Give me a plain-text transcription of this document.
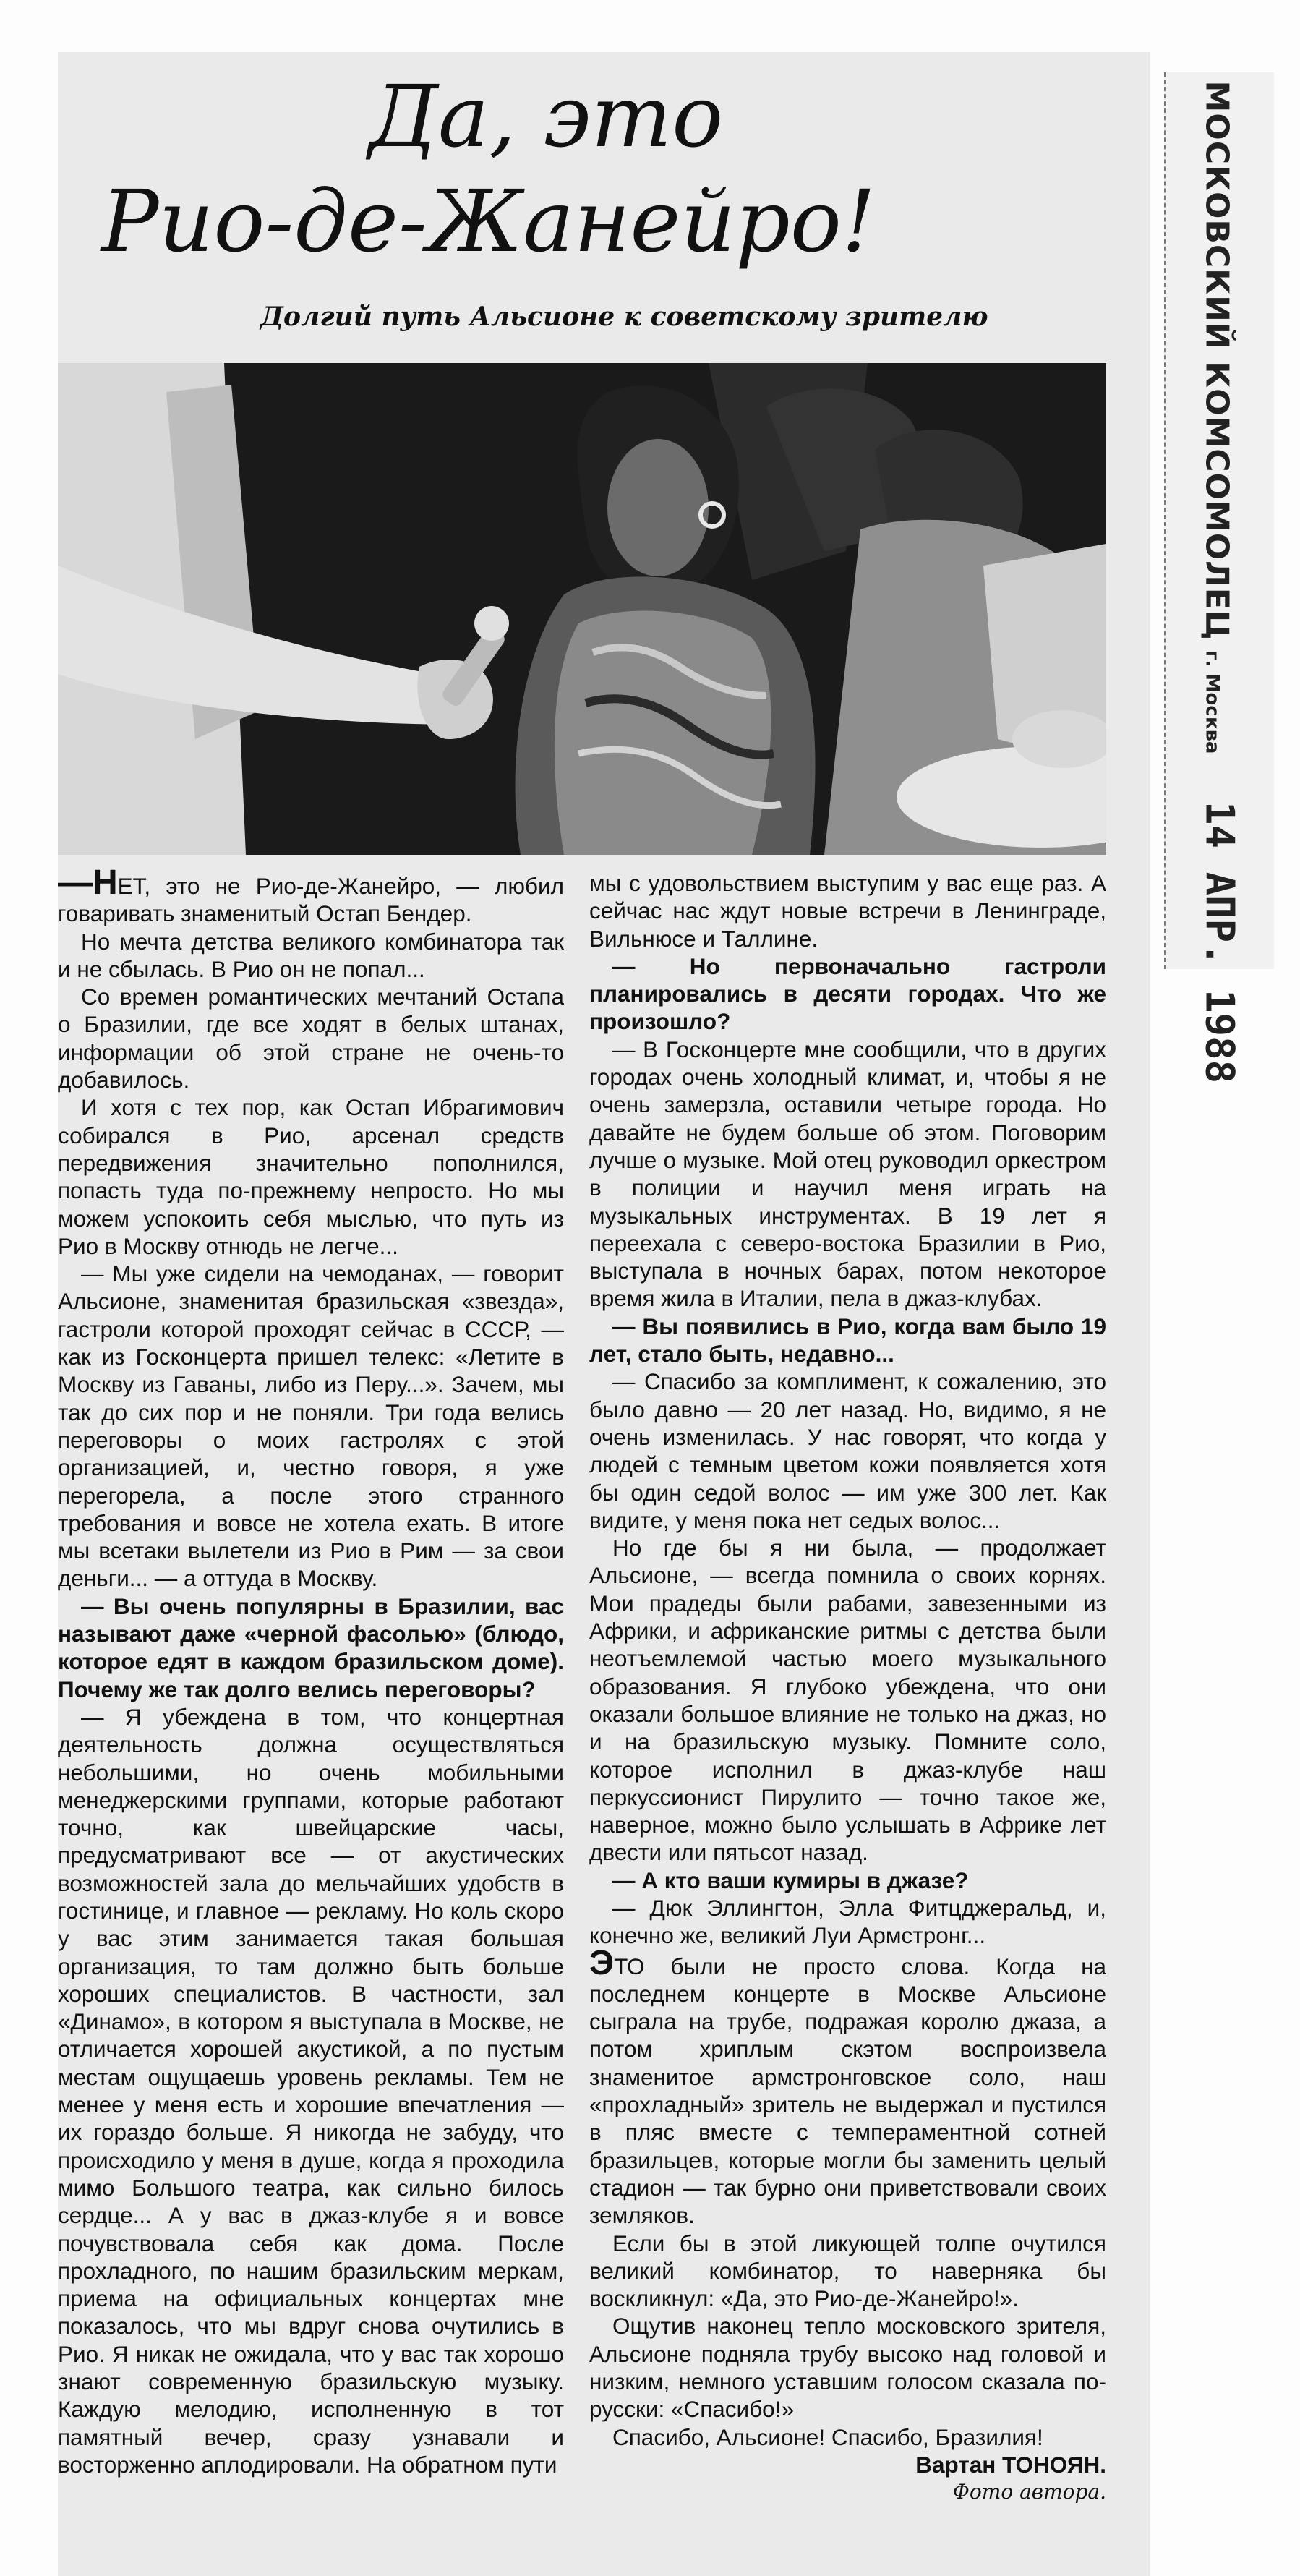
Да, это
Рио-де-Жанейро!
Долгий путь Альсионе к советскому зрителю

—НЕТ, это не Рио-де-Жанейро, — любил говаривать знаменитый Остап Бендер.

Но мечта детства великого комбинатора так и не сбылась. В Рио он не попал...

Со времен романтических мечтаний Остапа о Бразилии, где все ходят в белых штанах, информации об этой стране не очень-то добавилось.

И хотя с тех пор, как Остап Ибрагимович собирался в Рио, арсенал средств передвижения значительно пополнился, попасть туда по-прежнему непросто. Но мы можем успокоить себя мыслью, что путь из Рио в Москву отнюдь не легче...

— Мы уже сидели на чемоданах, — говорит Альсионе, знаменитая бразильская «звезда», гастроли которой проходят сейчас в СССР, — как из Госконцерта пришел телекс: «Летите в Москву из Гаваны, либо из Перу...». Зачем, мы так до сих пор и не поняли. Три года велись переговоры о моих гастролях с этой организацией, и, честно говоря, я уже перегорела, а после этого странного требования и вовсе не хотела ехать. В итоге мы всетаки вылетели из Рио в Рим — за свои деньги... — а оттуда в Москву.

— Вы очень популярны в Бразилии, вас называют даже «черной фасолью» (блюдо, которое едят в каждом бразильском доме). Почему же так долго велись переговоры?

— Я убеждена в том, что концертная деятельность должна осуществляться небольшими, но очень мобильными менеджерскими группами, которые работают точно, как швейцарские часы, предусматривают все — от акустических возможностей зала до мельчайших удобств в гостинице, и главное — рекламу. Но коль скоро у вас этим занимается такая большая организация, то там должно быть больше хороших специалистов. В частности, зал «Динамо», в котором я выступала в Москве, не отличается хорошей акустикой, а по пустым местам ощущаешь уровень рекламы. Тем не менее у меня есть и хорошие впечатления — их гораздо больше. Я никогда не забуду, что происходило у меня в душе, когда я проходила мимо Большого театра, как сильно билось сердце... А у вас в джаз-клубе я и вовсе почувствовала себя как дома. После прохладного, по нашим бразильским меркам, приема на официальных концертах мне показалось, что мы вдруг снова очутились в Рио. Я никак не ожидала, что у вас так хорошо знают современную бразильскую музыку. Каждую мелодию, исполненную в тот памятный вечер, сразу узнавали и восторженно аплодировали. На обратном пути

мы с удовольствием выступим у вас еще раз. А сейчас нас ждут новые встречи в Ленинграде, Вильнюсе и Таллине.

— Но первоначально гастроли планировались в десяти городах. Что же произошло?

— В Госконцерте мне сообщили, что в других городах очень холодный климат, и, чтобы я не очень замерзла, оставили четыре города. Но давайте не будем больше об этом. Поговорим лучше о музыке. Мой отец руководил оркестром в полиции и научил меня играть на музыкальных инструментах. В 19 лет я переехала с северо-востока Бразилии в Рио, выступала в ночных барах, потом некоторое время жила в Италии, пела в джаз-клубах.

— Вы появились в Рио, когда вам было 19 лет, стало быть, недавно...

— Спасибо за комплимент, к сожалению, это было давно — 20 лет назад. Но, видимо, я не очень изменилась. У нас говорят, что когда у людей с темным цветом кожи появляется хотя бы один седой волос — им уже 300 лет. Как видите, у меня пока нет седых волос...

Но где бы я ни была, — продолжает Альсионе, — всегда помнила о своих корнях. Мои прадеды были рабами, завезенными из Африки, и африканские ритмы с детства были неотъемлемой частью моего музыкального образования. Я глубоко убеждена, что они оказали большое влияние не только на джаз, но и на бразильскую музыку. Помните соло, которое исполнил в джаз-клубе наш перкуссионист Пирулито — точно такое же, наверное, можно было услышать в Африке лет двести или пятьсот назад.

— А кто ваши кумиры в джазе?

— Дюк Эллингтон, Элла Фитцджеральд, и, конечно же, великий Луи Армстронг...

ЭТО были не просто слова. Когда на последнем концерте в Москве Альсионе сыграла на трубе, подражая королю джаза, а потом хриплым скэтом воспроизвела знаменитое армстронговское соло, наш «прохладный» зритель не выдержал и пустился в пляс вместе с темпераментной сотней бразильцев, которые могли бы заменить целый стадион — так бурно они приветствовали своих земляков.

Если бы в этой ликующей толпе очутился великий комбинатор, то наверняка бы воскликнул: «Да, это Рио-де-Жанейро!».

Ощутив наконец тепло московского зрителя, Альсионе подняла трубу высоко над головой и низким, немного уставшим голосом сказала по-русски: «Спасибо!»

Спасибо, Альсионе! Спасибо, Бразилия!

Вартан ТОНОЯН.

Фото автора.

МОСКОВСКИЙ КОМСОМОЛЕЦ г. Москва 14 АПР. 1988
